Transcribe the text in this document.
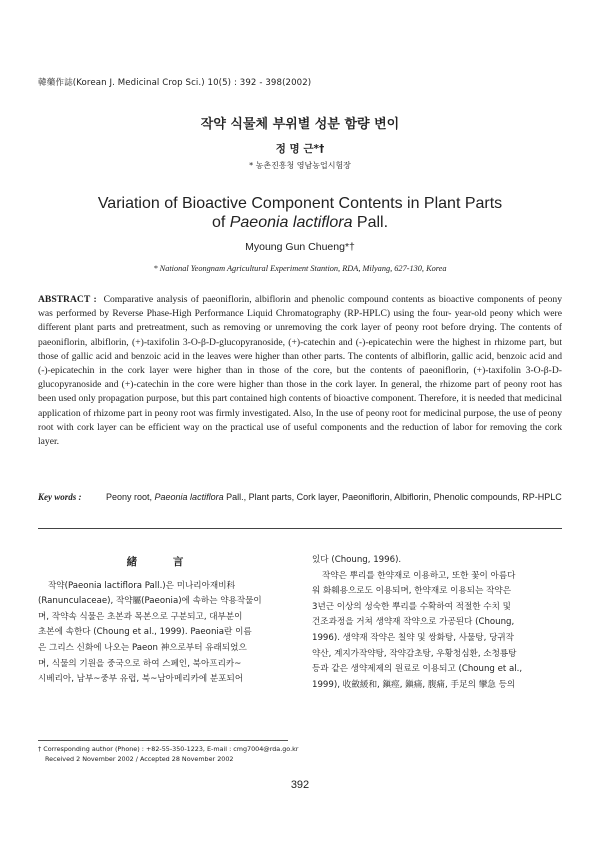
韓藥作誌(Korean J. Medicinal Crop Sci.) 10(5) : 392 - 398(2002)
작약 식물체 부위별 성분 함량 변이
정 명 근*†
* 농촌진흥청 영남농업시험장
Variation of Bioactive Component Contents in Plant Parts
of Paeonia lactiflora Pall.
Myoung Gun Chueng*†
* National Yeongnam Agricultural Experiment Stantion, RDA, Milyang, 627-130, Korea
ABSTRACT : Comparative analysis of paeoniflorin, albiflorin and phenolic compound contents as bioactive components of peony was performed by Reverse Phase-High Performance Liquid Chromatography (RP-HPLC) using the four- year-old peony which were different plant parts and pretreatment, such as removing or unremoving the cork layer of peony root before drying. The contents of paeoniflorin, albiflorin, (+)-taxifolin 3-O-β-D-glucopyranoside, (+)-catechin and (-)-epicatechin were the highest in rhizome part, but those of gallic acid and benzoic acid in the leaves were higher than other parts. The contents of albiflorin, gallic acid, benzoic acid and (-)-epicatechin in the cork layer were higher than in those of the core, but the contents of paeoniflorin, (+)-taxifolin 3-O-β-D-glucopyranoside and (+)-catechin in the core were higher than those in the cork layer. In general, the rhizome part of peony root has been used only propagation purpose, but this part contained high contents of bioactive component. Therefore, it is needed that medicinal application of rhizome part in peony root was firmly investigated. Also, In the use of peony root for medicinal purpose, the use of peony root with cork layer can be efficient way on the practical use of useful components and the reduction of labor for removing the cork layer.
Key words :	Peony root, Paeonia lactiflora Pall., Plant parts, Cork layer, Paeoniflorin, Albiflorin, Phenolic compounds, RP-HPLC
緒 言
작약(Paeonia lactiflora Pall.)은 미나리아재비科
(Ranunculaceae), 작약屬(Paeonia)에 속하는 약용작물이
며, 작약속 식물은 초본과 목본으로 구분되고, 대부분이
초본에 속한다 (Choung et al., 1999). Paeonia란 이름
은 그리스 신화에 나오는 Paeon 神으로부터 유래되었으
며, 식물의 기원을 중국으로 하여 스페인, 북아프리카~
시베리아, 남부~중부 유럽, 북~남아메리카에 분포되어
있다 (Choung, 1996).
작약은 뿌리를 한약재로 이용하고, 또한 꽃이 아름다
워 화훼용으로도 이용되며, 한약재로 이용되는 작약은
3년근 이상의 성숙한 뿌리를 수확하여 적절한 수치 및
건조과정을 거쳐 생약재 작약으로 가공된다 (Choung,
1996). 생약재 작약은 칠약 및 쌍화탕, 사물탕, 당귀작
약산, 계지가작약탕, 작약감초탕, 우황청심환, 소청룡탕
등과 같은 생약제제의 원료로 이용되고 (Choung et al.,
1999), 收斂緩和, 鎭痙, 鎭痛, 腹痛, 手足의 攣急 등의
† Corresponding author (Phone) : +82-55-350-1223, E-mail : cmg7004@rda.go.kr
Received 2 November 2002 / Accepted 28 November 2002
392
